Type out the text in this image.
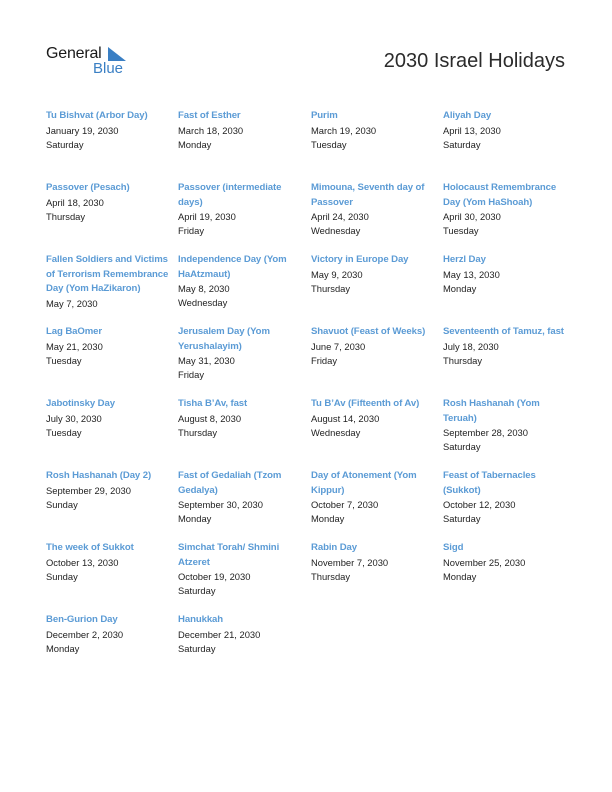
General
Blue	2030 Israel Holidays
Tu Bishvat (Arbor Day)
January 19, 2030
Saturday
Fast of Esther
March 18, 2030
Monday
Purim
March 19, 2030
Tuesday
Aliyah Day
April 13, 2030
Saturday
Passover (Pesach)
April 18, 2030
Thursday
Passover (intermediate days)
April 19, 2030
Friday
Mimouna, Seventh day of Passover
April 24, 2030
Wednesday
Holocaust Remembrance Day (Yom HaShoah)
April 30, 2030
Tuesday
Fallen Soldiers and Victims of Terrorism Remembrance Day (Yom HaZikaron)
May 7, 2030
Independence Day (Yom HaAtzmaut)
May 8, 2030
Wednesday
Victory in Europe Day
May 9, 2030
Thursday
Herzl Day
May 13, 2030
Monday
Lag BaOmer
May 21, 2030
Tuesday
Jerusalem Day (Yom Yerushalayim)
May 31, 2030
Friday
Shavuot (Feast of Weeks)
June 7, 2030
Friday
Seventeenth of Tamuz, fast
July 18, 2030
Thursday
Jabotinsky Day
July 30, 2030
Tuesday
Tisha B’Av, fast
August 8, 2030
Thursday
Tu B’Av (Fifteenth of Av)
August 14, 2030
Wednesday
Rosh Hashanah (Yom Teruah)
September 28, 2030
Saturday
Rosh Hashanah (Day 2)
September 29, 2030
Sunday
Fast of Gedaliah (Tzom Gedalya)
September 30, 2030
Monday
Day of Atonement (Yom Kippur)
October 7, 2030
Monday
Feast of Tabernacles (Sukkot)
October 12, 2030
Saturday
The week of Sukkot
October 13, 2030
Sunday
Simchat Torah/ Shmini Atzeret
October 19, 2030
Saturday
Rabin Day
November 7, 2030
Thursday
Sigd
November 25, 2030
Monday
Ben-Gurion Day
December 2, 2030
Monday
Hanukkah
December 21, 2030
Saturday
